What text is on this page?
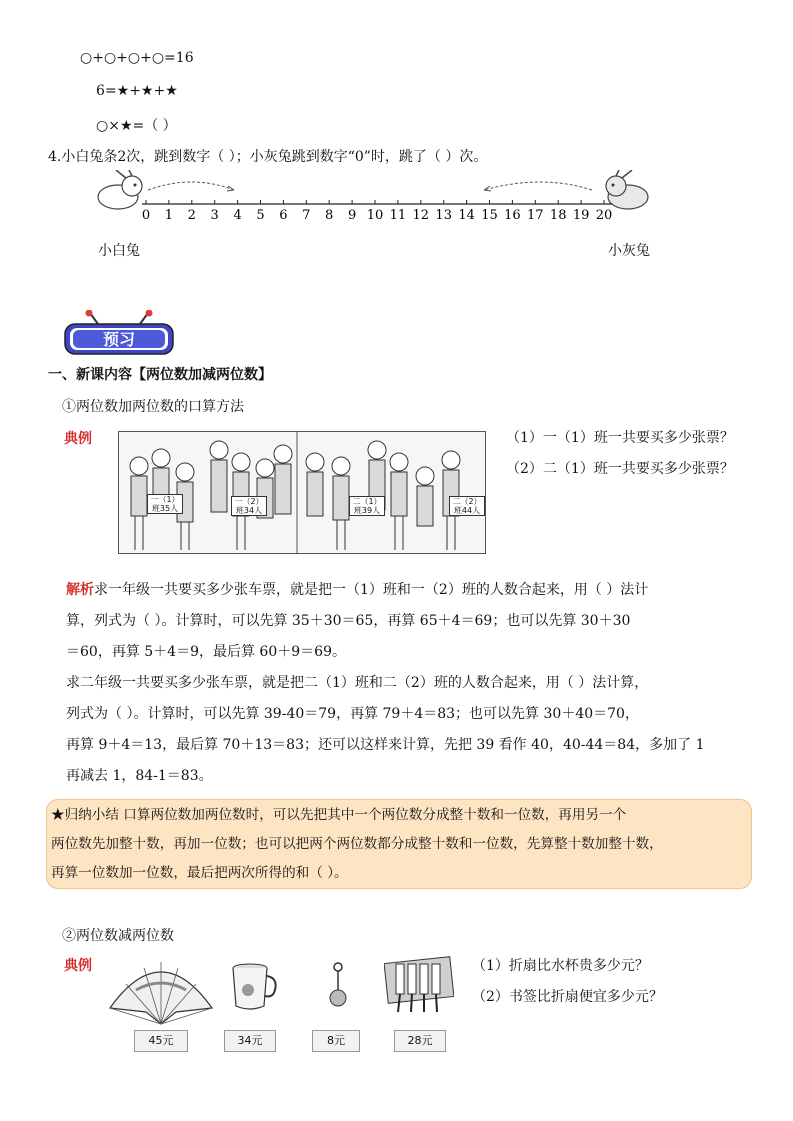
○+○+○+○=16
6=★+★+★
○×★=（ ）
4.小白兔条2次，跳到数字（ ）；小灰兔跳到数字“0”时，跳了（ ）次。
0 1 2 3 4 5 6 7 8 9 10 11 12 13 14 15 16 17 18 19 20
小白兔	小灰兔
预习
一、新课内容【两位数加减两位数】
①两位数加两位数的口算方法
典例
一（1）
班35人
一（2）
班34人
二（1）
班39人
二（2）
班44人
（1）一（1）班一共要买多少张票？
（2）二（1）班一共要买多少张票？
解析求一年级一共要买多少张车票，就是把一（1）班和一（2）班的人数合起来，用（ ）法计
算，列式为（ ）。计算时，可以先算 35＋30＝65，再算 65＋4＝69；也可以先算 30＋30
＝60，再算 5＋4＝9，最后算 60＋9＝69。
求二年级一共要买多少张车票，就是把二（1）班和二（2）班的人数合起来，用（ ）法计算，
列式为（ ）。计算时，可以先算 39-40＝79，再算 79＋4＝83；也可以先算 30＋40＝70，
再算 9＋4＝13，最后算 70＋13＝83；还可以这样来计算，先把 39 看作 40，40-44＝84，多加了 1
再减去 1，84-1＝83。
★归纳小结 口算两位数加两位数时，可以先把其中一个两位数分成整十数和一位数，再用另一个
两位数先加整十数，再加一位数；也可以把两个两位数都分成整十数和一位数，先算整十数加整十数，
再算一位数加一位数，最后把两次所得的和（ ）。
②两位数减两位数
典例
45元	34元	8元	28元
（1）折扇比水杯贵多少元？
（2）书签比折扇便宜多少元？
